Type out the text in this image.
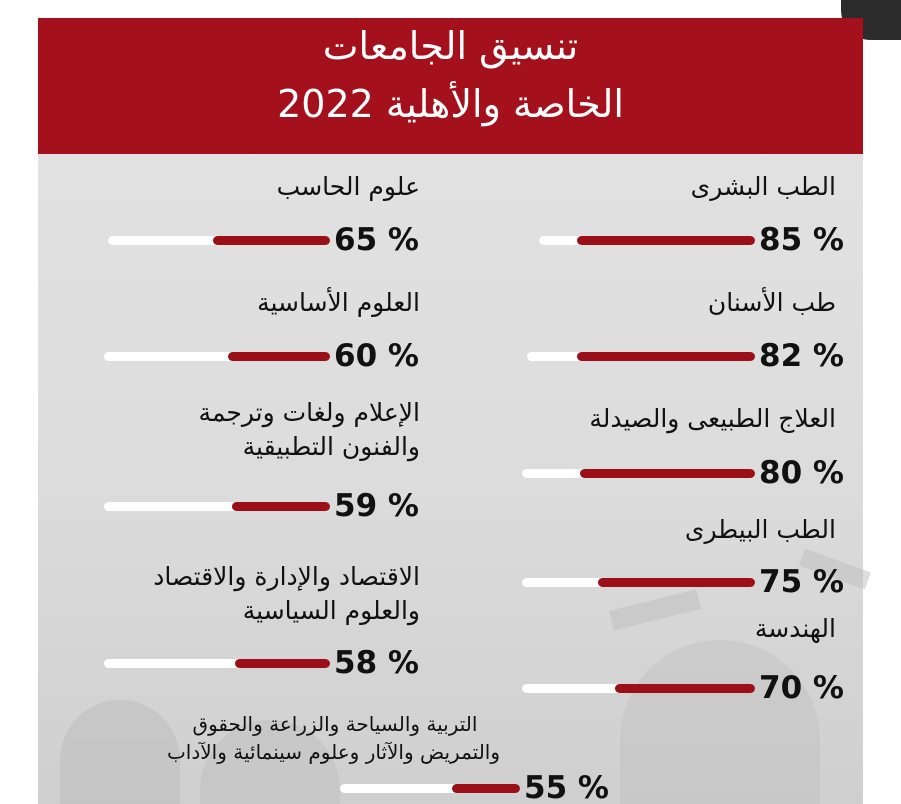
تنسيق الجامعات
الخاصة والأهلية 2022
الطب البشرى
85 %
طب الأسنان
82 %
العلاج الطبيعى والصيدلة
80 %
الطب البيطرى
75 %
الهندسة
70 %
علوم الحاسب
65 %
العلوم الأساسية
60 %
الإعلام ولغات وترجمة
والفنون التطبيقية
59 %
الاقتصاد والإدارة والاقتصاد
والعلوم السياسية
58 %
التربية والسياحة والزراعة والحقوق
والتمريض والآثار وعلوم سينمائية والآداب
55 %
